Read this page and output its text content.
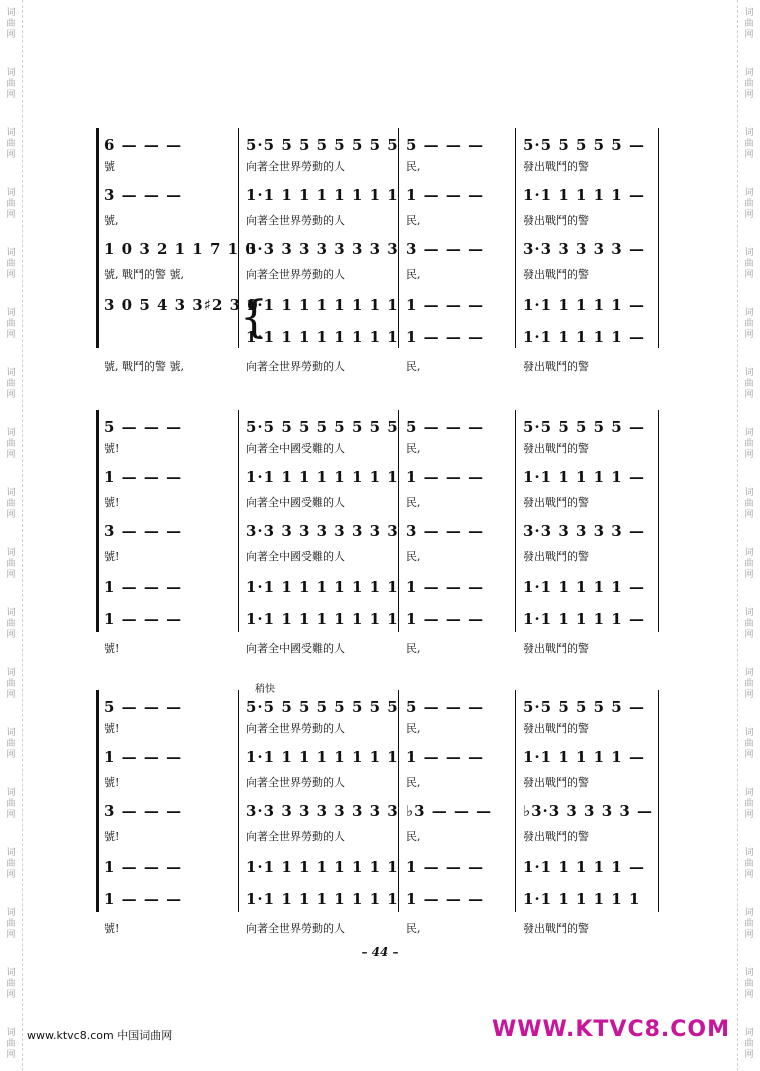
词
曲
网
词
曲
网
词
曲
网
词
曲
网
词
曲
网
词
曲
网
词
曲
网
词
曲
网
词
曲
网
词
曲
网
词
曲
网
词
曲
网
词
曲
网
词
曲
网
词
曲
网
词
曲
网
词
曲
网
词
曲
网
词
曲
网
词
曲
网
词
曲
网
词
曲
网
词
曲
网
词
曲
网
词
曲
网
词
曲
网
词
曲
网
词
曲
网
词
曲
网
词
曲
网
词
曲
网
词
曲
网
词
曲
网
词
曲
网
词
曲
网
词
曲
网
{
6 — — —	5·5 5 5 5 5 5 5 5 5 — — —	5·5 5 5 5 5 —
號	向著全世界勞動的人	民,	發出戰鬥的警
3 — — —	1·1 1 1 1 1 1 1 1 1 — — —	1·1 1 1 1 1 —
號,	向著全世界勞動的人	民,	發出戰鬥的警
1 0 3 2 1 1 7 1 0
3·3 3 3 3 3 3 3 3 3 — — —	3·3 3 3 3 3 —
號, 戰鬥的警 號,	向著全世界勞動的人	民,	發出戰鬥的警
3 0 5 4 3 3♯2 3 0
1·1 1 1 1 1 1 1 1 1 — — —	1·1 1 1 1 1 —
1·1 1 1 1 1 1 1 1 1 — — —	1·1 1 1 1 1 —
號, 戰鬥的警 號,	向著全世界勞動的人	民,	發出戰鬥的警
5 — — —	5·5 5 5 5 5 5 5 5 5 — — —	5·5 5 5 5 5 —
號!	向著全中國受難的人	民,	發出戰鬥的警
1 — — —	1·1 1 1 1 1 1 1 1 1 — — —	1·1 1 1 1 1 —
號!	向著全中國受難的人	民,	發出戰鬥的警
3 — — —	3·3 3 3 3 3 3 3 3 3 — — —	3·3 3 3 3 3 —
號!	向著全中國受難的人	民,	發出戰鬥的警
1 — — —	1·1 1 1 1 1 1 1 1 1 — — —	1·1 1 1 1 1 —
1 — — —	1·1 1 1 1 1 1 1 1 1 — — —	1·1 1 1 1 1 —
號!	向著全中國受難的人	民,	發出戰鬥的警
稍快
5 — — —	5·5 5 5 5 5 5 5 5 5 — — —	5·5 5 5 5 5 —
號!	向著全世界勞動的人	民,	發出戰鬥的警
1 — — —	1·1 1 1 1 1 1 1 1 1 — — —	1·1 1 1 1 1 —
號!	向著全世界勞動的人	民,	發出戰鬥的警
3 — — —	3·3 3 3 3 3 3 3 3 ♭3 — — — ♭3·3 3 3 3 3 —
號!	向著全世界勞動的人	民,	發出戰鬥的警
1 — — —	1·1 1 1 1 1 1 1 1 1 — — —	1·1 1 1 1 1 —
1 — — —	1·1 1 1 1 1 1 1 1 1 — — —	1·1 1 1 1 1 1
號!	向著全世界勞動的人	民,	發出戰鬥的警
– 44 –
www.ktvc8.com 中国词曲网	WWW.KTVC8.COM
